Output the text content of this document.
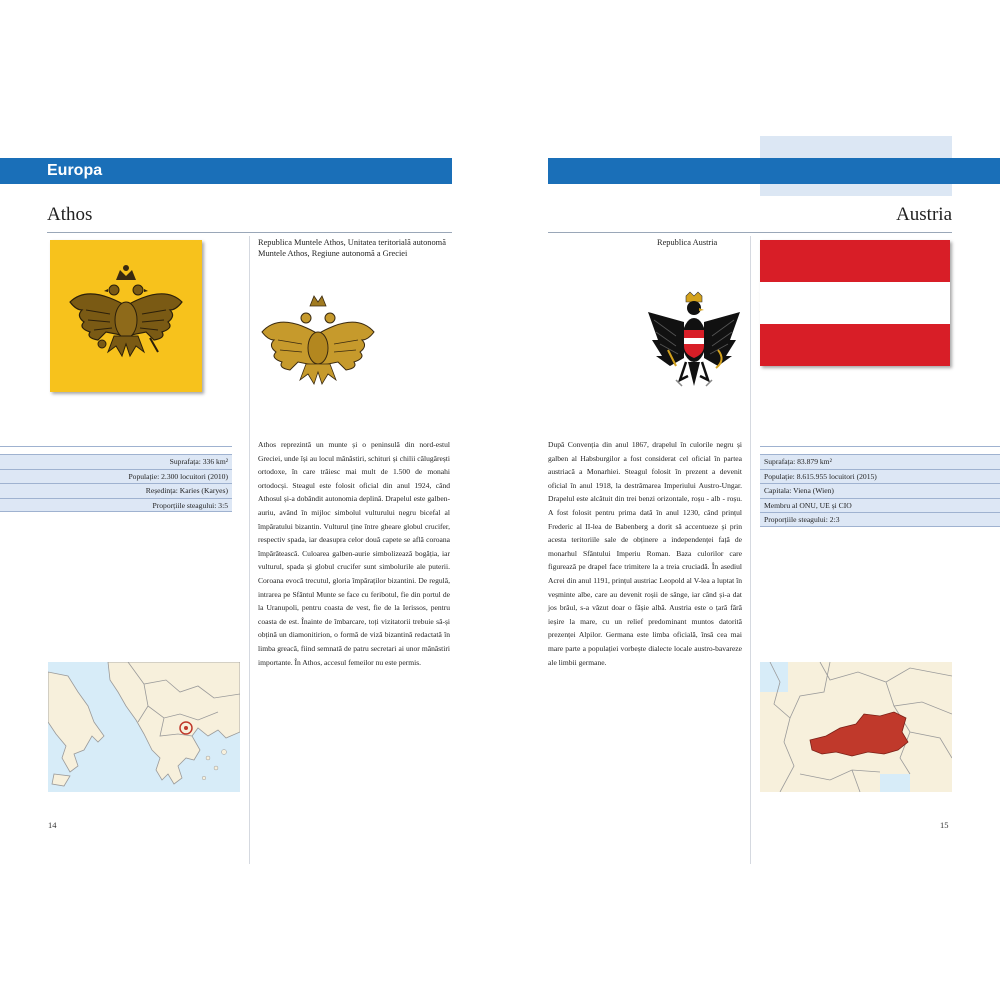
Europa
Athos	Austria
Republica Muntele Athos, Unitatea teritorială autonomă Muntele Athos, Regiune autonomă a Greciei
Republica Austria
Suprafața: 336 km²
Populație: 2.300 locuitori (2010)
Reședința: Karies (Karyes)
Proporțiile steagului: 3:5
Suprafața: 83.879 km²
Populație: 8.615.955 locuitori (2015)
Capitala: Viena (Wien)
Membru al ONU, UE și CIO
Proporțiile steagului: 2:3

Athos reprezintă un munte și o peninsulă din nord-estul Greciei, unde își au locul mănăstiri, schituri și chilii călugărești ortodoxe, în care trăiesc mai mult de 1.500 de monahi ortodocși. Steagul este folosit oficial din anul 1924, când Athosul și-a dobândit autonomia deplină. Drapelul este galben-auriu, având în mijloc simbolul vulturului negru bicefal al împăratului bizantin. Vulturul ține între gheare globul crucifer, respectiv spada, iar deasupra celor două capete se află coroana împărătească. Culoarea galben-aurie simbolizează bogăția, iar vulturul, spada și globul crucifer sunt simbolurile ale puterii. Coroana evocă trecutul, gloria împăraților bizantini. De regulă, intrarea pe Sfântul Munte se face cu feribotul, fie din portul de la Uranupoli, pentru coasta de vest, fie de la Ierissos, pentru coasta de est. Înainte de îmbarcare, toți vizitatorii trebuie să-și obțină un diamonitirion, o formă de viză bizantină redactată în limba greacă, fiind semnată de patru secretari ai unor mănăstiri importante. În Athos, accesul femeilor nu este permis.

După Convenția din anul 1867, drapelul în culorile negru și galben al Habsburgilor a fost considerat cel oficial în partea austriacă a Monarhiei. Steagul folosit în prezent a devenit oficial în anul 1918, la destrămarea Imperiului Austro-Ungar. Drapelul este alcătuit din trei benzi orizontale, roșu - alb - roșu. A fost folosit pentru prima dată în anul 1230, când prințul Frederic al II-lea de Babenberg a dorit să accentueze și prin acesta teritoriile sale de obținere a independenței față de monarhul Sfântului Imperiu Roman. Baza culorilor care figurează pe drapel face trimitere la a treia cruciadă. În asediul Acrei din anul 1191, prințul austriac Leopold al V-lea a luptat în veșminte albe, care au devenit roșii de sânge, iar când și-a dat jos brâul, s-a văzut doar o fâșie albă. Austria este o țară fără ieșire la mare, cu un relief predominant muntos datorită prezenței Alpilor. Germana este limba oficială, însă cea mai mare parte a populației vorbește dialecte locale austro-bavareze ale limbii germane.

14	15
